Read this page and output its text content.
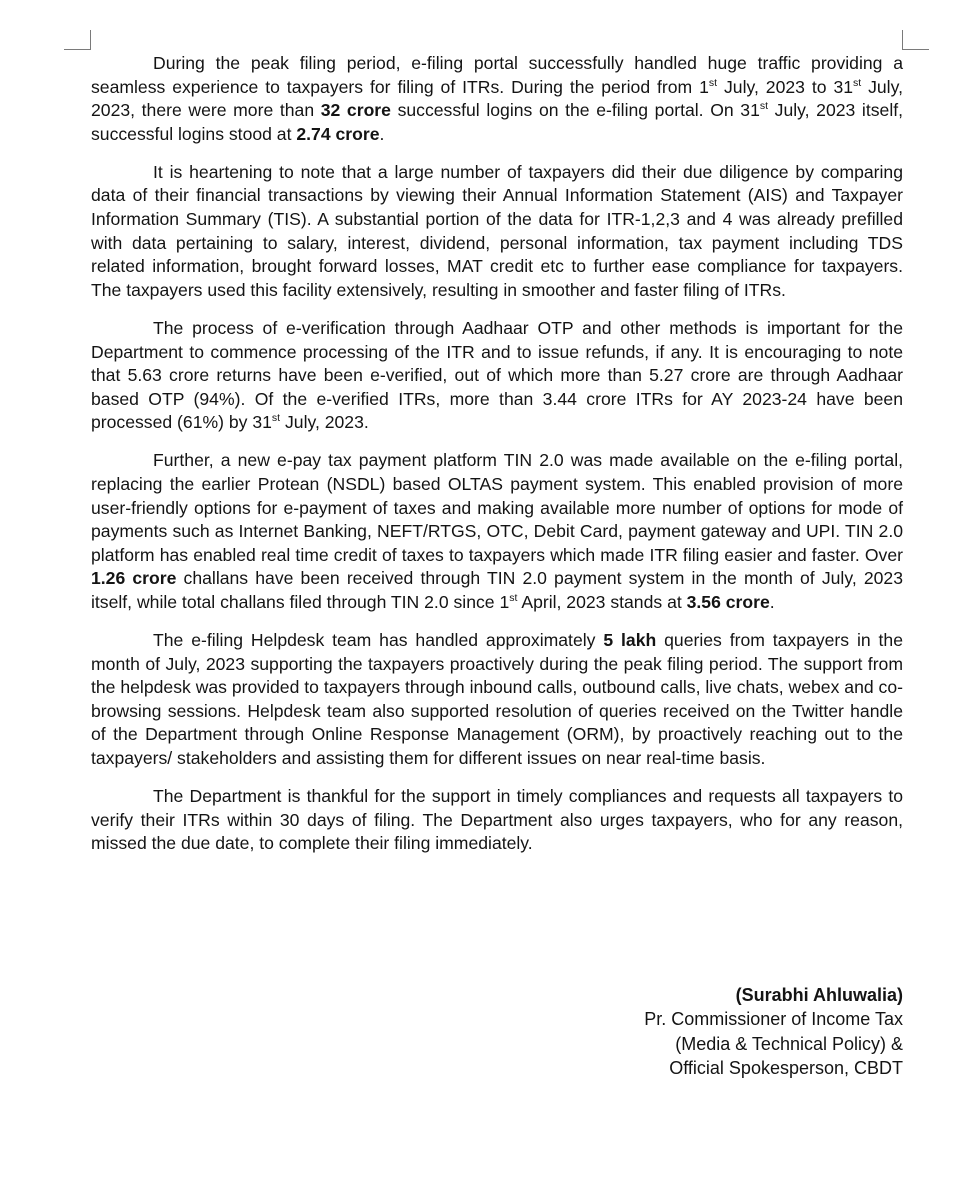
During the peak filing period, e-filing portal successfully handled huge traffic providing a seamless experience to taxpayers for filing of ITRs. During the period from 1st July, 2023 to 31st July, 2023, there were more than 32 crore successful logins on the e-filing portal. On 31st July, 2023 itself, successful logins stood at 2.74 crore.

It is heartening to note that a large number of taxpayers did their due diligence by comparing data of their financial transactions by viewing their Annual Information Statement (AIS) and Taxpayer Information Summary (TIS). A substantial portion of the data for ITR-1,2,3 and 4 was already prefilled with data pertaining to salary, interest, dividend, personal information, tax payment including TDS related information, brought forward losses, MAT credit etc to further ease compliance for taxpayers. The taxpayers used this facility extensively, resulting in smoother and faster filing of ITRs.

The process of e-verification through Aadhaar OTP and other methods is important for the Department to commence processing of the ITR and to issue refunds, if any. It is encouraging to note that 5.63 crore returns have been e-verified, out of which more than 5.27 crore are through Aadhaar based OTP (94%). Of the e-verified ITRs, more than 3.44 crore ITRs for AY 2023-24 have been processed (61%) by 31st July, 2023.

Further, a new e-pay tax payment platform TIN 2.0 was made available on the e-filing portal, replacing the earlier Protean (NSDL) based OLTAS payment system. This enabled provision of more user-friendly options for e-payment of taxes and making available more number of options for mode of payments such as Internet Banking, NEFT/RTGS, OTC, Debit Card, payment gateway and UPI. TIN 2.0 platform has enabled real time credit of taxes to taxpayers which made ITR filing easier and faster. Over 1.26 crore challans have been received through TIN 2.0 payment system in the month of July, 2023 itself, while total challans filed through TIN 2.0 since 1st April, 2023 stands at 3.56 crore.

The e-filing Helpdesk team has handled approximately 5 lakh queries from taxpayers in the month of July, 2023 supporting the taxpayers proactively during the peak filing period. The support from the helpdesk was provided to taxpayers through inbound calls, outbound calls, live chats, webex and co-browsing sessions. Helpdesk team also supported resolution of queries received on the Twitter handle of the Department through Online Response Management (ORM), by proactively reaching out to the taxpayers/ stakeholders and assisting them for different issues on near real-time basis.

The Department is thankful for the support in timely compliances and requests all taxpayers to verify their ITRs within 30 days of filing. The Department also urges taxpayers, who for any reason, missed the due date, to complete their filing immediately.

(Surabhi Ahluwalia)
Pr. Commissioner of Income Tax
(Media & Technical Policy) &
Official Spokesperson, CBDT
